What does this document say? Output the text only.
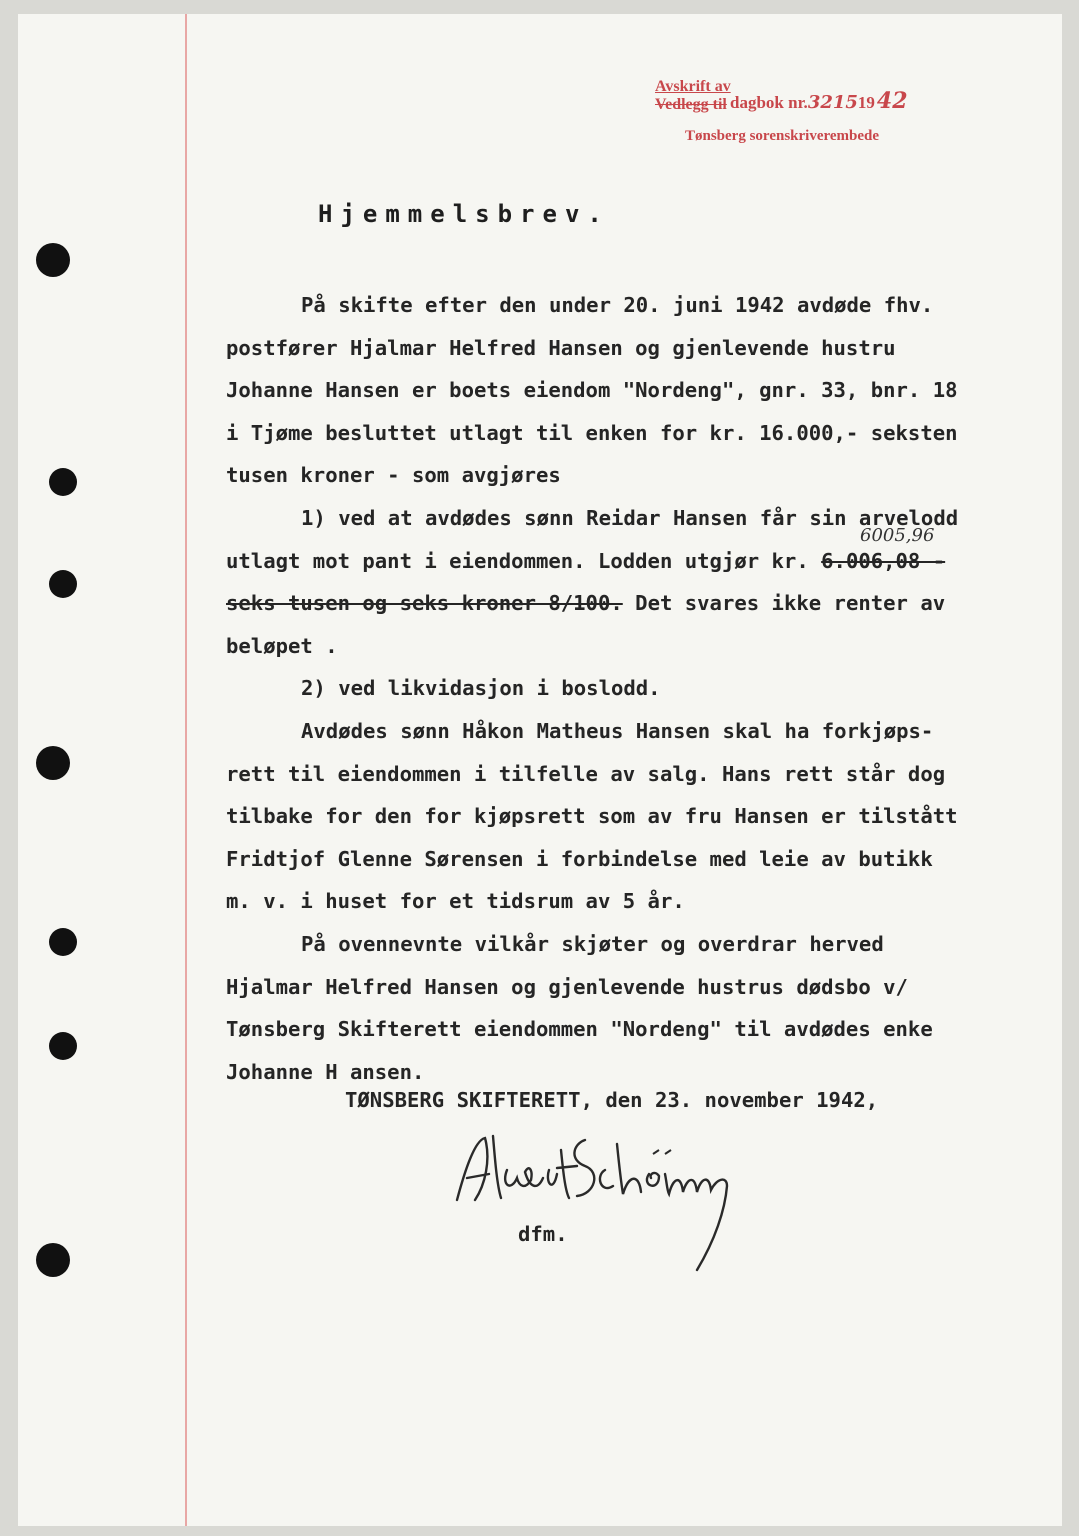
Avskrift av
Vedlegg til dagbok nr.32151942
Tønsberg sorenskriverembede
Hjemmelsbrev.
På skifte efter den under 20. juni 1942 avdøde fhv.
postfører Hjalmar Helfred Hansen og gjenlevende hustru
Johanne Hansen er boets eiendom "Nordeng", gnr. 33, bnr. 18
i Tjøme besluttet utlagt til enken for kr. 16.000,- seksten
tusen kroner - som avgjøres
1) ved at avdødes sønn Reidar Hansen får sin arvelodd
utlagt mot pant i eiendommen. Lodden utgjør kr. 6.006,08 -
seks tusen og seks kroner 8/100. Det svares ikke renter av
beløpet .
2) ved likvidasjon i boslodd.
Avdødes sønn Håkon Matheus Hansen skal ha forkjøps-
rett til eiendommen i tilfelle av salg. Hans rett står dog
tilbake for den for kjøpsrett som av fru Hansen er tilstått
Fridtjof Glenne Sørensen i forbindelse med leie av butikk
m. v. i huset for et tidsrum av 5 år.
På ovennevnte vilkår skjøter og overdrar herved
Hjalmar Helfred Hansen og gjenlevende hustrus dødsbo v/
Tønsberg Skifterett eiendommen "Nordeng" til avdødes enke
Johanne H ansen.
6005,96
TØNSBERG SKIFTERETT, den 23. november 1942,
dfm.
